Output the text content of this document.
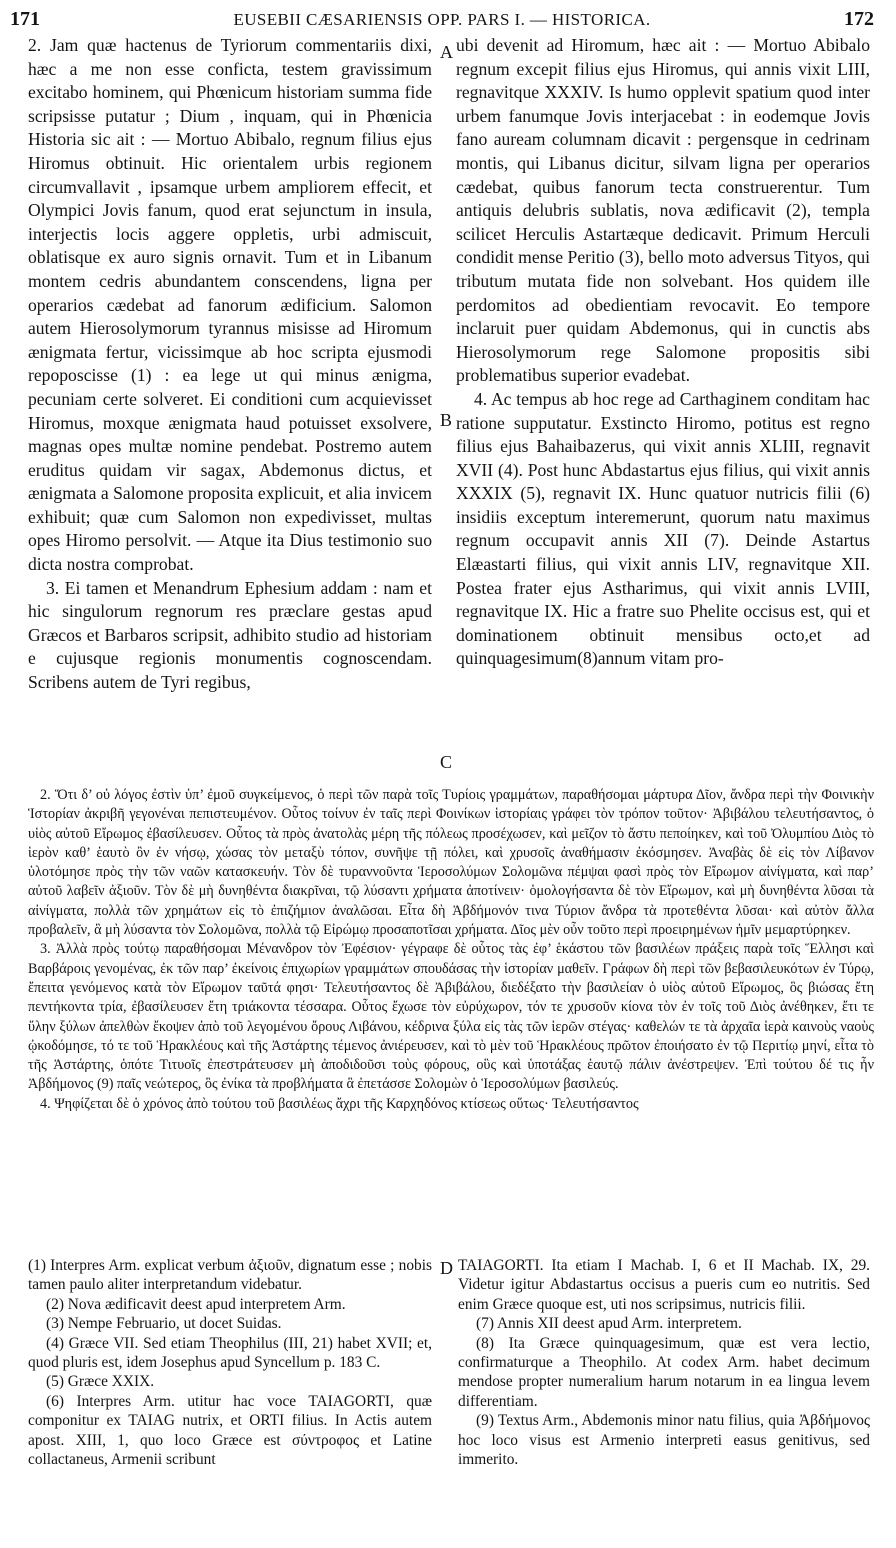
171	EUSEBII CÆSARIENSIS OPP. PARS I. — HISTORICA.	172

2. Jam quæ hactenus de Tyriorum commentariis dixi, hæc a me non esse conficta, testem gravissimum excitabo hominem, qui Phœnicum historiam summa fide scripsisse putatur ; Dium , inquam, qui in Phœnicia Historia sic ait : — Mortuo Abibalo, regnum filius ejus Hiromus obtinuit. Hic orientalem urbis regionem circumvallavit , ipsamque urbem ampliorem effecit, et Olympici Jovis fanum, quod erat sejunctum in insula, interjectis locis aggere oppletis, urbi admiscuit, oblatisque ex auro signis ornavit. Tum et in Libanum montem cedris abundantem conscendens, ligna per operarios cædebat ad fanorum ædificium. Salomon autem Hierosolymorum tyrannus misisse ad Hiromum ænigmata fertur, vicissimque ab hoc scripta ejusmodi repoposcisse (1) : ea lege ut qui minus ænigma, pecuniam certe solveret. Ei conditioni cum acquievisset Hiromus, moxque ænigmata haud potuisset exsolvere, magnas opes multæ nomine pendebat. Postremo autem eruditus quidam vir sagax, Abdemonus dictus, et ænigmata a Salomone proposita explicuit, et alia invicem exhibuit; quæ cum Salomon non expedivisset, multas opes Hiromo persolvit. — Atque ita Dius testimonio suo dicta nostra comprobat.

3. Ei tamen et Menandrum Ephesium addam : nam et hic singulorum regnorum res præclare gestas apud Græcos et Barbaros scripsit, adhibito studio ad historiam e cujusque regionis monumentis cognoscendam. Scribens autem de Tyri regibus,

A
B
C
D

ubi devenit ad Hiromum, hæc ait : — Mortuo Abibalo regnum excepit filius ejus Hiromus, qui annis vixit LIII, regnavitque XXXIV. Is humo opplevit spatium quod inter urbem fanumque Jovis interjacebat : in eodemque Jovis fano auream columnam dicavit : pergensque in cedrinam montis, qui Libanus dicitur, silvam ligna per operarios cædebat, quibus fanorum tecta construerentur. Tum antiquis delubris sublatis, nova ædificavit (2), templa scilicet Herculis Astartæque dedicavit. Primum Herculi condidit mense Peritio (3), bello moto adversus Tityos, qui tributum mutata fide non solvebant. Hos quidem ille perdomitos ad obedientiam revocavit. Eo tempore inclaruit puer quidam Abdemonus, qui in cunctis abs Hierosolymorum rege Salomone propositis sibi problematibus superior evadebat.

4. Ac tempus ab hoc rege ad Carthaginem conditam hac ratione supputatur. Exstincto Hiromo, potitus est regno filius ejus Bahaibazerus, qui vixit annis XLIII, regnavit XVII (4). Post hunc Abdastartus ejus filius, qui vixit annis XXXIX (5), regnavit IX. Hunc quatuor nutricis filii (6) insidiis exceptum interemerunt, quorum natu maximus regnum occupavit annis XII (7). Deinde Astartus Elæastarti filius, qui vixit annis LIV, regnavitque XII. Postea frater ejus Astharimus, qui vixit annis LVIII, regnavitque IX. Hic a fratre suo Phelite occisus est, qui et dominationem obtinuit mensibus octo,et ad quinquagesimum(8)annum vitam pro-

2. Ὅτι δ’ οὐ λόγος ἐστὶν ὑπ’ ἐμοῦ συγκείμενος, ὁ περὶ τῶν παρὰ τοῖς Τυρίοις γραμμάτων, παραθήσομαι μάρτυρα Δῖον, ἄνδρα περὶ τὴν Φοινικὴν Ἱστορίαν ἀκριβῆ γεγονέναι πεπιστευμένον. Οὗτος τοίνυν ἐν ταῖς περὶ Φοινίκων ἱστορίαις γράφει τὸν τρόπον τοῦτον· Ἀβιβάλου τελευτήσαντος, ὁ υἱὸς αὐτοῦ Εἴρωμος ἐβασίλευσεν. Οὗτος τὰ πρὸς ἀνατολὰς μέρη τῆς πόλεως προσέχωσεν, καὶ μεῖζον τὸ ἄστυ πεποίηκεν, καὶ τοῦ Ὀλυμπίου Διὸς τὸ ἱερὸν καθ’ ἑαυτὸ ὂν ἐν νήσῳ, χώσας τὸν μεταξὺ τόπον, συνῆψε τῇ πόλει, καὶ χρυσοῖς ἀναθήμασιν ἐκόσμησεν. Ἀναβὰς δὲ εἰς τὸν Λίβανον ὑλοτόμησε πρὸς τὴν τῶν ναῶν κατασκευήν. Τὸν δὲ τυραννοῦντα Ἱεροσολύμων Σολομῶνα πέμψαι φασὶ πρὸς τὸν Εἴρωμον αἰνίγματα, καὶ παρ’ αὐτοῦ λαβεῖν ἀξιοῦν. Τὸν δὲ μὴ δυνηθέντα διακρῖναι, τῷ λύσαντι χρήματα ἀποτίνειν· ὁμολογήσαντα δὲ τὸν Εἴρωμον, καὶ μὴ δυνηθέντα λῦσαι τὰ αἰνίγματα, πολλὰ τῶν χρημάτων εἰς τὸ ἐπιζήμιον ἀναλῶσαι. Εἶτα δὴ Ἀβδήμονόν τινα Τύριον ἄνδρα τὰ προτεθέντα λῦσαι· καὶ αὐτὸν ἄλλα προβαλεῖν, ἃ μὴ λύσαντα τὸν Σολομῶνα, πολλὰ τῷ Εἰρώμῳ προσαποτῖσαι χρήματα. Δῖος μὲν οὖν τοῦτο περὶ προειρημένων ἡμῖν μεμαρτύρηκεν.

3. Ἀλλὰ πρὸς τούτῳ παραθήσομαι Μένανδρον τὸν Ἐφέσιον· γέγραφε δὲ οὗτος τὰς ἐφ’ ἑκάστου τῶν βασιλέων πράξεις παρὰ τοῖς Ἕλλησι καὶ Βαρβάροις γενομένας, ἐκ τῶν παρ’ ἐκείνοις ἐπιχωρίων γραμμάτων σπουδάσας τὴν ἱστορίαν μαθεῖν. Γράφων δὴ περὶ τῶν βεβασιλευκότων ἐν Τύρῳ, ἔπειτα γενόμενος κατὰ τὸν Εἴρωμον ταῦτά φησι· Τελευτήσαντος δὲ Ἀβιβάλου, διεδέξατο τὴν βασιλείαν ὁ υἱὸς αὐτοῦ Εἴρωμος, ὃς βιώσας ἔτη πεντήκοντα τρία, ἐβασίλευσεν ἔτη τριάκοντα τέσσαρα. Οὗτος ἔχωσε τὸν εὐρύχωρον, τόν τε χρυσοῦν κίονα τὸν ἐν τοῖς τοῦ Διὸς ἀνέθηκεν, ἔτι τε ὕλην ξύλων ἀπελθὼν ἔκοψεν ἀπὸ τοῦ λεγομένου ὄρους Λιβάνου, κέδρινα ξύλα εἰς τὰς τῶν ἱερῶν στέγας· καθελών τε τὰ ἀρχαῖα ἱερὰ καινοὺς ναοὺς ᾠκοδόμησε, τό τε τοῦ Ἡρακλέους καὶ τῆς Ἀστάρτης τέμενος ἀνιέρευσεν, καὶ τὸ μὲν τοῦ Ἡρακλέους πρῶτον ἐποιήσατο ἐν τῷ Περιτίῳ μηνί, εἶτα τὸ τῆς Ἀστάρτης, ὁπότε Τιτυοῖς ἐπεστράτευσεν μὴ ἀποδιδοῦσι τοὺς φόρους, οὓς καὶ ὑποτάξας ἑαυτῷ πάλιν ἀνέστρεψεν. Ἐπὶ τούτου δέ τις ἦν Ἀβδήμονος (9) παῖς νεώτερος, ὃς ἐνίκα τὰ προβλήματα ἃ ἐπετάσσε Σολομὼν ὁ Ἱεροσολύμων βασιλεύς.

4. Ψηφίζεται δὲ ὁ χρόνος ἀπὸ τούτου τοῦ βασιλέως ἄχρι τῆς Καρχηδόνος κτίσεως οὕτως· Τελευτήσαντος

(1) Interpres Arm. explicat verbum ἀξιοῦν, dignatum esse ; nobis tamen paulo aliter interpretandum videbatur.

(2) Nova ædificavit deest apud interpretem Arm.

(3) Nempe Februario, ut docet Suidas.

(4) Græce VII. Sed etiam Theophilus (III, 21) habet XVII; et, quod pluris est, idem Josephus apud Syncellum p. 183 C.

(5) Græce XXIX.

(6) Interpres Arm. utitur hac voce TAIAGORTI, quæ componitur ex TAIAG nutrix, et ORTI filius. In Actis autem apost. XIII, 1, quo loco Græce est σύντροφος et Latine collactaneus, Armenii scribunt

TAIAGORTI. Ita etiam I Machab. I, 6 et II Machab. IX, 29. Videtur igitur Abdastartus occisus a pueris cum eo nutritis. Sed enim Græce quoque est, uti nos scripsimus, nutricis filii.

(7) Annis XII deest apud Arm. interpretem.

(8) Ita Græce quinquagesimum, quæ est vera lectio, confirmaturque a Theophilo. At codex Arm. habet decimum mendose propter numeralium harum notarum in ea lingua levem differentiam.

(9) Textus Arm., Abdemonis minor natu filius, quia Ἀβδήμονος hoc loco visus est Armenio interpreti easus genitivus, sed immerito.
